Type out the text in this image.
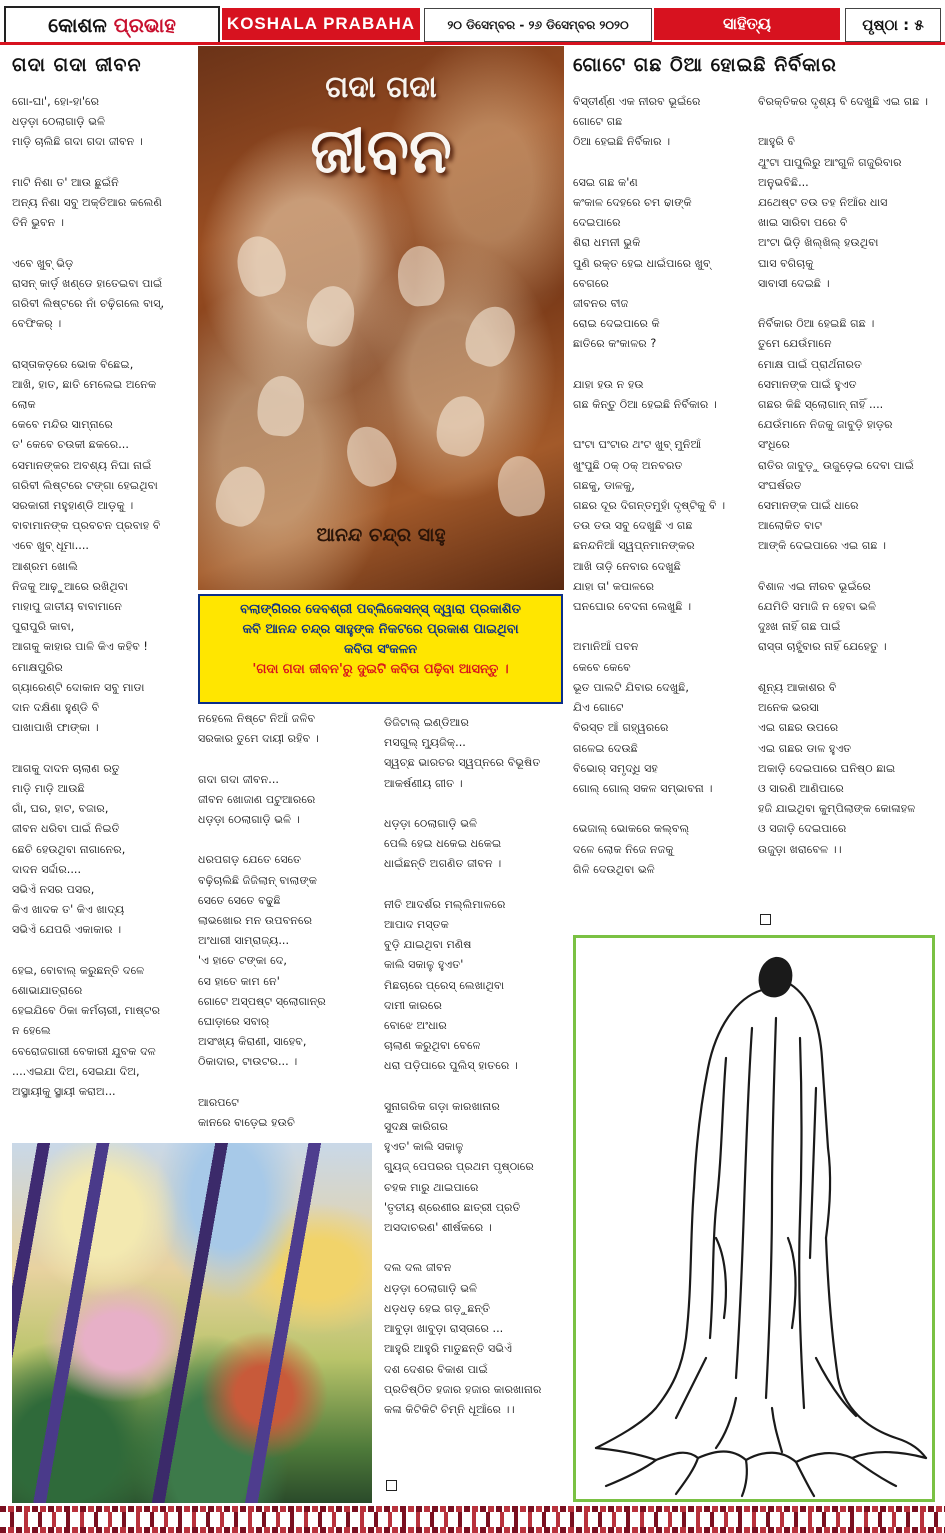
କୋଶଳ
ପ୍ରଭାହ	KOSHALA PRABAHA	୨୦ ଡିସେମ୍ବର - ୨୬ ଡିସେମ୍ବର ୨୦୨୦	ସାହିତ୍ୟ	ପୃଷ୍ଠା : ୫
ଗଦା ଗଦା ଜୀବନ
ଗୋ-ଘା', ହୋ-ହା'ରେ
ଧଡ଼ଡ଼ା ଠେଲାଗାଡ଼ି ଭଳି
ମାଡ଼ି ଚାଲିଛି ଗଦା ଗଦା ଜୀବନ ।

ମାଟି ନିଶା ତ' ଆଉ ଛୁଇଁନି
ଅନ୍ୟ ନିଶା ସବୁ ଅକ୍ତିଆର କଲେଣି
ତିନି ଭୁବନ ।

ଏବେ ଖୁବ୍ ଭିଡ଼
ରାସନ୍ କାର୍ଡ଼ ଖଣ୍ଡେ ହାତେଇବା ପାଇଁ
ଗରିବୀ ଲିଷ୍ଟରେ ନାଁ ଚଢ଼ିଗଲେ ବାସ୍,
ବେଫିକର୍ ।

ରାସ୍ତାକଡ଼ରେ ଭୋକ ବିଛେଇ,
ଆଖି, ହାତ, ଛାତି ମେଲେଇ ଅନେକ
ଲୋକ
କେବେ ମନ୍ଦିର ସାମ୍ନାରେ
ତ' କେବେ ଚଉକୀ ଛକରେ...
ସେମାନଙ୍କର ଅବଶ୍ୟ ନିଘା ନାଇଁ
ଗରିବୀ ଲିଷ୍ଟରେ ଟଙ୍ଗା ହେଇଥିବା
ସରକାରୀ ମହୁହାଣ୍ଡି ଆଡ଼କୁ ।
ବାବାମାନଙ୍କ ପ୍ରବଚନ ପ୍ରବାହ ବି
ଏବେ ଖୁବ୍ ଧୂମା....
ଆଶ୍ରମ ଖୋଲି
ନିଜକୁ ଆଢ଼ୁଆରେ ରଖିଥିବା
ମାହାପୁ ଜାତୀୟ ବାବାମାନେ
ପୁରାପୁରି କାବା,
ଆଗକୁ କାହାର ପାଳି କିଏ କହିବ !
ମୋକ୍ଷପୁରିର
ଗ୍ୟାରେଣ୍ଟି ଦୋକାନ ସବୁ ମାଡା
ଦାନ ଦକ୍ଷିଣା ହୁଣ୍ଡି ବି
ପାଖାପାଖି ଫାଙ୍କା ।

ଆଗକୁ ଦାଦନ ଚାଲାଣ ରତୁ
ମାଡ଼ି ମାଡ଼ି ଆଉଛି
ଗାଁ, ଘର, ହାଟ, ବଜାର,
ଜୀବନ ଧରିବା ପାଇଁ ନିଇତି
ଛେଚି ହେଉଥିବା ନାଗାନେର,
ଦାଦନ ସର୍ଦ୍ଦାର....
ସଭିଏଁ ନସର ପସର,
କିଏ ଖାଦକ ତ' କିଏ ଖାଦ୍ୟ
ସଭିଏଁ ଯେପରି ଏକାକାର ।

ହେଇ, ବୋବାଲ୍ କରୁଛନ୍ତି ଦଳେ
ଶୋଭାଯାତ୍ରାରେ
ହେଇଯିବେ ଠିକା କର୍ମଚାରୀ, ମାଷ୍ଟର
ନ ହେଲେ
ବେରୋଜଗାରୀ ବେକାରୀ ଯୁବକ ଦଳ
....ଏଇଯା ଦିଅ, ସେଇଯା ଦିଅ,
ଅସ୍ଥାୟୀକୁ ସ୍ଥାୟୀ କରାଅ...
ନହେଲେ ନିଷ୍ଟେ ନିଆଁ ଜଳିବ
ସରକାର ତୁମେ ଦାୟୀ ରହିବ ।

ଗଦା ଗଦା ଜୀବନ...
ଜୀବନ ଖୋଜାଣ ପଟୁଆରରେ
ଧଡ଼ଡ଼ା ଠେଲାଗାଡ଼ି ଭଳି ।

ଧରପଗଡ଼ ଯେତେ ସେତେ
ବଢ଼ିଚାଲିଛି ଜିଜିଲାନ୍ ବାଲାଙ୍କ
ସେତେ ସେତେ ବଢୁଛି
ଲାଭଖୋର ମନ ଉପବନରେ
ଅଂଧାରୀ ସାମ୍ରାଜ୍ୟ...
'ଏ ହାତେ ଟଙ୍କା ଦେ,
ସେ ହାତେ କାମ ନେ'
ଗୋଟେ ଅସ୍ପଷ୍ଟ ସ୍ଲୋଗାନ୍ର
ଘୋଡ଼ାରେ ସବାର୍
ଅସଂଖ୍ୟ କିରାଣୀ, ସାହେବ,
ଠିକାଦାର, ଟାଉଟର... ।

ଆରପଟେ
କାନରେ ବାଡ଼େଇ ହଉଚି
ଡିଜିଟାଲ୍ ଇଣ୍ଡିଆର
ମସଗୁଲ୍ ମ୍ୟୁଜିକ୍...
ସ୍ୱଚ୍ଛ ଭାରତର ସ୍ୱପ୍ନରେ ବିଭୂଷିତ
ଆକର୍ଷଣୀୟ ଗୀତ ।

ଧଡ଼ଡ଼ା ଠେଲାଗାଡ଼ି ଭଳି
ପେଲି ହେଇ ଧକେଇ ଧକେଇ
ଧାଇଁଛନ୍ତି ଅଗଣିତ ଜୀବନ ।

ନୀତି ଆଦର୍ଶର ମଲ୍ଲିମାଳରେ
ଆପାଦ ମସ୍ତକ
ବୁଡ଼ି ଯାଇଥିବା ମଣିଷ
କାଲି ସକାଳୁ ହୁଏତ'
ମିଛଚାରେ ପ୍ରେସ୍ ଲେଖାଥିବା
ଦାମୀ କାରରେ
ବୋଝେ ଅଂଧାର
ଚାଲାଣ କରୁଥିବା ବେଳେ
ଧରା ପଡ଼ିପାରେ ପୁଲିସ୍ ହାତରେ ।

ସୁନାଗରିକ ଗଡ଼ା କାରଖାନାର
ସୁଦକ୍ଷ କାରିଗର
ହୁଏତ' କାଲି ସକାଳୁ
ଗ୍ୟୁଜ୍ ପେପରର ପ୍ରଥମ ପୃଷ୍ଠାରେ
ଚହକ ମାରୁ ଥାଇପାରେ
'ତୃତୀୟ ଶ୍ରେଣୀର ଛାତ୍ରୀ ପ୍ରତି
ଅସଦାଚରଣ' ଶୀର୍ଷକରେ ।

ଦଲ ଦଲ ଜୀବନ
ଧଡ଼ଡ଼ା ଠେଲାଗାଡ଼ି ଭଳି
ଧଡ଼ଧଡ଼ ହେଇ ଗଡ଼ୁଛନ୍ତି
ଆବୁଡ଼ା ଖାବୁଡ଼ା ରାସ୍ତାରେ ...
ଆହୁରି ଆହୁରି ମାତୁଛନ୍ତି ସଭିଏଁ
ଦଶ ଦେଶର ବିକାଶ ପାଇଁ
ପ୍ରତିଷ୍ଠିତ ହଜାର ହଜାର କାରଖାନାର
କଳା କିଟିକିଟି ଚିମ୍ନି ଧୂଆଁରେ ।।
ଗଦା ଗଦା
ଜୀବନ
ଆନନ୍ଦ ଚନ୍ଦ୍ର ସାହୁ
ବଲାଙ୍ଗିରର ଦେବଶ୍ରୀ ପବ୍ଲିକେସନ୍ସ୍ ଦ୍ୱାରା ପ୍ରକାଶିତ
କବି ଆନନ୍ଦ ଚନ୍ଦ୍ର ସାହୁଙ୍କ ନିକଟରେ ପ୍ରକାଶ ପାଇଥିବା
କବିତା ସଂକଳନ
'ଗଦା ଗଦା ଜୀବନ'ରୁ ଦୁଇଟି କବିତା ପଢ଼ିବା ଆସନ୍ତୁ ।
ଗୋଟେ ଗଛ ଠିଆ ହୋଇଛି ନିର୍ବିକାର
ବିସ୍ତୀର୍ଣ୍ଣ ଏକ ନୀରବ ଭୂଇଁରେ
ଗୋଟେ ଗଛ
ଠିଆ ହେଇଛି ନିର୍ବିକାର ।

ସେଇ ଗଛ କ'ଣ
କଂକାଳ ଦେହରେ ଚମ ଢାଙ୍କି
ଦେଇପାରେ
ଶିରା ଧମନୀ ଭୁକି
ପୁଣି ରକ୍ତ ହେଇ ଧାଇଁପାରେ ଖୁବ୍
ବେଗରେ
ଜୀବନର ବୀଜ
ରୋଇ ଦେଇପାରେ କି
ଛାତିରେ କଂକାଳର ?

ଯାହା ହଉ ନ ହଉ
ଗଛ କିନ୍ତୁ ଠିଆ ହେଇଛି ନିର୍ବିକାର ।

ଘଂଟା ଘଂଟାର ଥଂଟ ଖୁବ୍ ମୁନିଆଁ
ଖୁଂପୁଛି ଠକ୍ ଠକ୍ ଅନବରତ
ଗଛକୁ, ଡାଳକୁ,
ଗଛର ଦୂର ଦିଗନ୍ତମୁହାଁ ଦୃଷ୍ଟିକୁ ବି ।
ତଉ ତଉ ସବୁ ଦେଖୁଛି ଏ ଗଛ
ଛନନ୍ଦନିଆଁ ସ୍ୱପ୍ନମାନଙ୍କର
ଆଖି ତାଡ଼ି ନେବାର ଦେଖୁଛି
ଯାହା ତା' କପାଳରେ
ଘନଘୋର ବେଦନା ଲେଖୁଛି ।

ଅମାନିଆଁ ପବନ
କେବେ କେବେ
ଭୂତ ପାଲଟି ଯିବାର ଦେଖୁଛି,
ଯିଏ ଗୋଟେ
ବିରସ୍ତ ଆଁ ଗହ୍ୱରରେ
ଗଳେଇ ଦେଉଛି
ବିଭୋର୍ ସମୃଦ୍ଧି ସହ
ଗୋଲ୍ ଗୋଲ୍ ସକଳ ସମ୍ଭାବନା ।

ଭେଜାଲ୍ ଭୋକରେ କଲ୍‌ବଲ୍
ଦଳେ ଲୋକ ନିଜେ ନଜକୁ
ଗିଳି ଦେଉଥିବା ଭଳି
ବିରକ୍ତିକର ଦୃଶ୍ୟ ବି ଦେଖୁଛି ଏଇ ଗଛ ।

ଆହୁରି ବି
ଥୁଂଟା ପାପୁଲିରୁ ଆଂଗୁଳି ଗଜୁରିବାର
ଅନୁଭବିଛି...
ଯଥେଷ୍ଟ ତଉ ତହ ନିଆଁର ଧାସ
ଖାଇ ସାରିବା ପରେ ବି
ଅଂଟା ଭିଡ଼ି ଖିଲ୍‌ଖିଲ୍ ହଉଥିବା
ଘାସ ବଗିଚାକୁ
ସାବାସୀ ଦେଇଛି ।

ନିର୍ବିକାର ଠିଆ ହେଇଛି ଗଛ ।
ତୁମେ ଯେଉଁମାନେ
ମୋକ୍ଷ ପାଇଁ ପ୍ରାର୍ଥନାରତ
ସେମାନଙ୍କ ପାଇଁ ହୁଏତ
ଗଛର କିଛି ସ୍ଲୋଗାନ୍ ନାହିଁ ....
ଯେଉଁମାନେ ନିଜକୁ ଜାବୁଡ଼ି ହାଡ଼ର
ସଂଧିରେ
ରାତିର ଜାବୁଡ଼ୁ ଉଜୁଡ଼େଇ ଦେବା ପାଇଁ
ସଂଘର୍ଷରତ
ସେମାନଙ୍କ ପାଇଁ ଧାରେ
ଆଲୋକିତ ବାଟ
ଆଙ୍କି ଦେଇପାରେ ଏଇ ଗଛ ।

ବିଶାଳ ଏଇ ନୀରବ ଭୂଇଁରେ
ଯେମିତି ସମାଜି ନ ହେବା ଭଳି
ଦୁଃଖ ନାହିଁ ଗଛ ପାଇଁ
ରାସ୍ତା ଚାହୁଁବାର ନାହିଁ ଯେହେତୁ ।

ଶୂନ୍ୟ ଆକାଶର ବି
ଅନେକ ଭରସା
ଏଇ ଗଛର ଉପରେ
ଏଇ ଗଛର ଡାଳ ହୁଏତ
ଅକାଡ଼ି ଦେଇପାରେ ଘନିଷ୍ଠ ଛାଇ
ଓ ସାରଣି ଆଣିପାରେ
ହଜି ଯାଇଥିବା କୁମ୍ପିଲାଙ୍କ କୋଳାହଳ
ଓ ସଜାଡ଼ି ଦେଇପାରେ
ଉଜୁଡ଼ା ଖରାବେଳ ।।
